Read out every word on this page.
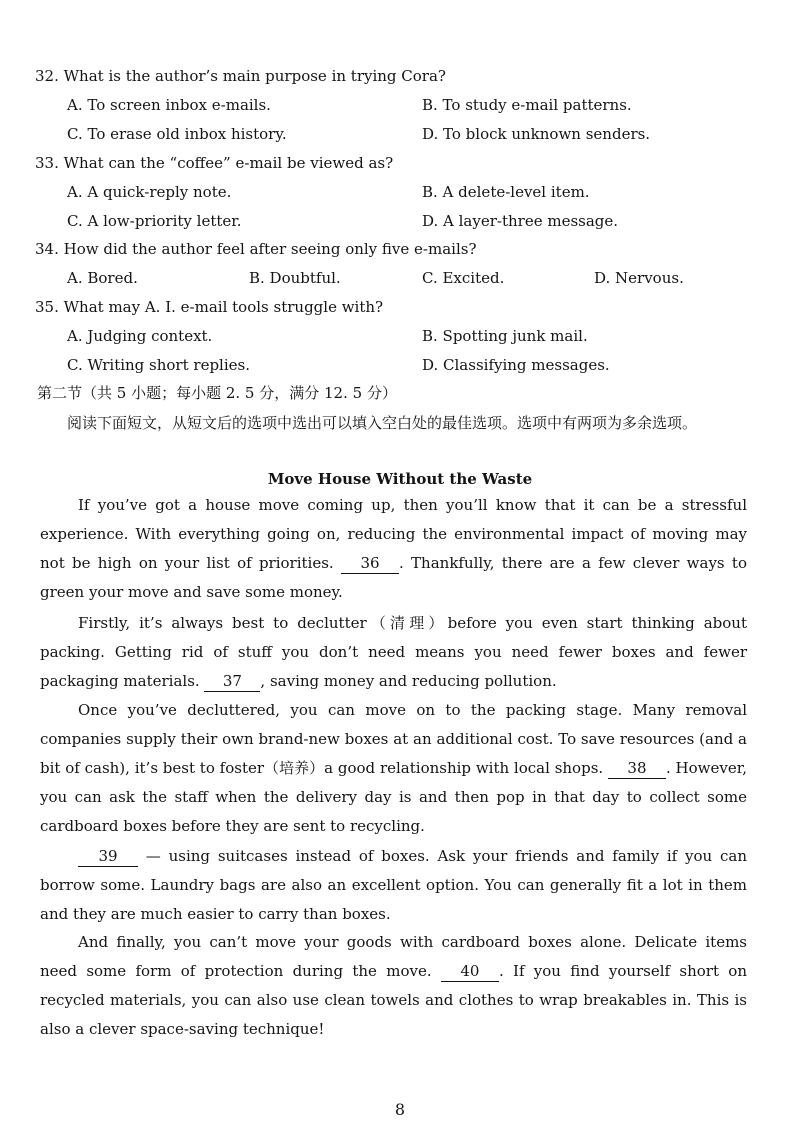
32. What is the author’s main purpose in trying Cora?
A. To screen inbox e-mails.	B. To study e-mail patterns.
C. To erase old inbox history.	D. To block unknown senders.
33. What can the “coffee” e-mail be viewed as?
A. A quick-reply note.	B. A delete-level item.
C. A low-priority letter.	D. A layer-three message.
34. How did the author feel after seeing only five e-mails?
A. Bored.	B. Doubtful.	C. Excited.	D. Nervous.
35. What may A. I. e-mail tools struggle with?
A. Judging context.	B. Spotting junk mail.
C. Writing short replies.	D. Classifying messages.
第二节（共 5 小题；每小题 2. 5 分，满分 12. 5 分）
阅读下面短文，从短文后的选项中选出可以填入空白处的最佳选项。选项中有两项为多余选项。
Move House Without the Waste

If you’ve got a house move coming up, then you’ll know that it can be a stressful experience. With everything going on, reducing the environmental impact of moving may not be high on your list of priorities. 36 . Thankfully, there are a few clever ways to green your move and save some money.

Firstly, it’s always best to declutter（清理）before you even start thinking about packing. Getting rid of stuff you don’t need means you need fewer boxes and fewer packaging materials. 37 , saving money and reducing pollution.

Once you’ve decluttered, you can move on to the packing stage. Many removal companies supply their own brand-new boxes at an additional cost. To save resources (and a bit of cash), it’s best to foster（培养）a good relationship with local shops. 38 . However, you can ask the staff when the delivery day is and then pop in that day to collect some cardboard boxes before they are sent to recycling.

39 — using suitcases instead of boxes. Ask your friends and family if you can borrow some. Laundry bags are also an excellent option. You can generally fit a lot in them and they are much easier to carry than boxes.

And finally, you can’t move your goods with cardboard boxes alone. Delicate items need some form of protection during the move. 40 . If you find yourself short on recycled materials, you can also use clean towels and clothes to wrap breakables in. This is also a clever space-saving technique!

8
